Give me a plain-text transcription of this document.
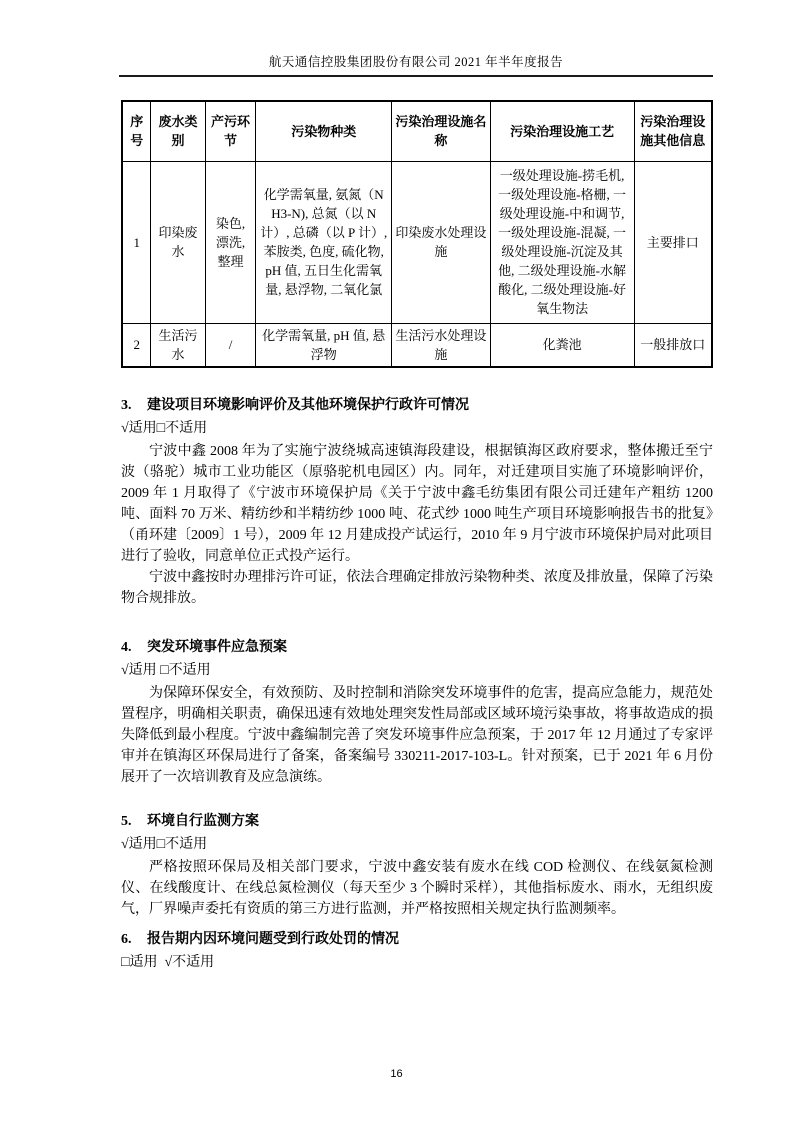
航天通信控股集团股份有限公司 2021 年半年度报告
序号	废水类别	产污环节	污染物种类	污染治理设施名称	污染治理设施工艺	污染治理设施其他信息
1	印染废水	染色, 漂洗, 整理	化学需氧量, 氨氮（NH3-N), 总氮（以 N 计）, 总磷（以 P 计）, 苯胺类, 色度, 硫化物, pH 值, 五日生化需氧量, 悬浮物, 二氧化氯	印染废水处理设施	一级处理设施-捞毛机, 一级处理设施-格栅, 一级处理设施-中和调节, 一级处理设施-混凝, 一级处理设施-沉淀及其他, 二级处理设施-水解酸化, 二级处理设施-好氧生物法	主要排口
2	生活污水	/	化学需氧量, pH 值, 悬浮物	生活污水处理设施	化粪池	一般排放口
3. 建设项目环境影响评价及其他环境保护行政许可情况
√适用□不适用

宁波中鑫 2008 年为了实施宁波绕城高速镇海段建设，根据镇海区政府要求，整体搬迁至宁波（骆驼）城市工业功能区（原骆驼机电园区）内。同年，对迁建项目实施了环境影响评价，2009 年 1 月取得了《宁波市环境保护局《关于宁波中鑫毛纺集团有限公司迁建年产粗纺 1200 吨、面料 70 万米、精纺纱和半精纺纱 1000 吨、花式纱 1000 吨生产项目环境影响报告书的批复》（甬环建〔2009〕1 号），2009 年 12 月建成投产试运行，2010 年 9 月宁波市环境保护局对此项目进行了验收，同意单位正式投产运行。

宁波中鑫按时办理排污许可证，依法合理确定排放污染物种类、浓度及排放量，保障了污染物合规排放。

4. 突发环境事件应急预案
√适用 □不适用

为保障环保安全，有效预防、及时控制和消除突发环境事件的危害，提高应急能力，规范处置程序，明确相关职责，确保迅速有效地处理突发性局部或区域环境污染事故，将事故造成的损失降低到最小程度。宁波中鑫编制完善了突发环境事件应急预案，于 2017 年 12 月通过了专家评审并在镇海区环保局进行了备案，备案编号 330211-2017-103-L。针对预案，已于 2021 年 6 月份展开了一次培训教育及应急演练。

5. 环境自行监测方案
√适用□不适用

严格按照环保局及相关部门要求，宁波中鑫安装有废水在线 COD 检测仪、在线氨氮检测仪、在线酸度计、在线总氮检测仪（每天至少 3 个瞬时采样），其他指标废水、雨水，无组织废气，厂界噪声委托有资质的第三方进行监测，并严格按照相关规定执行监测频率。

6. 报告期内因环境问题受到行政处罚的情况
□适用  √不适用
16
